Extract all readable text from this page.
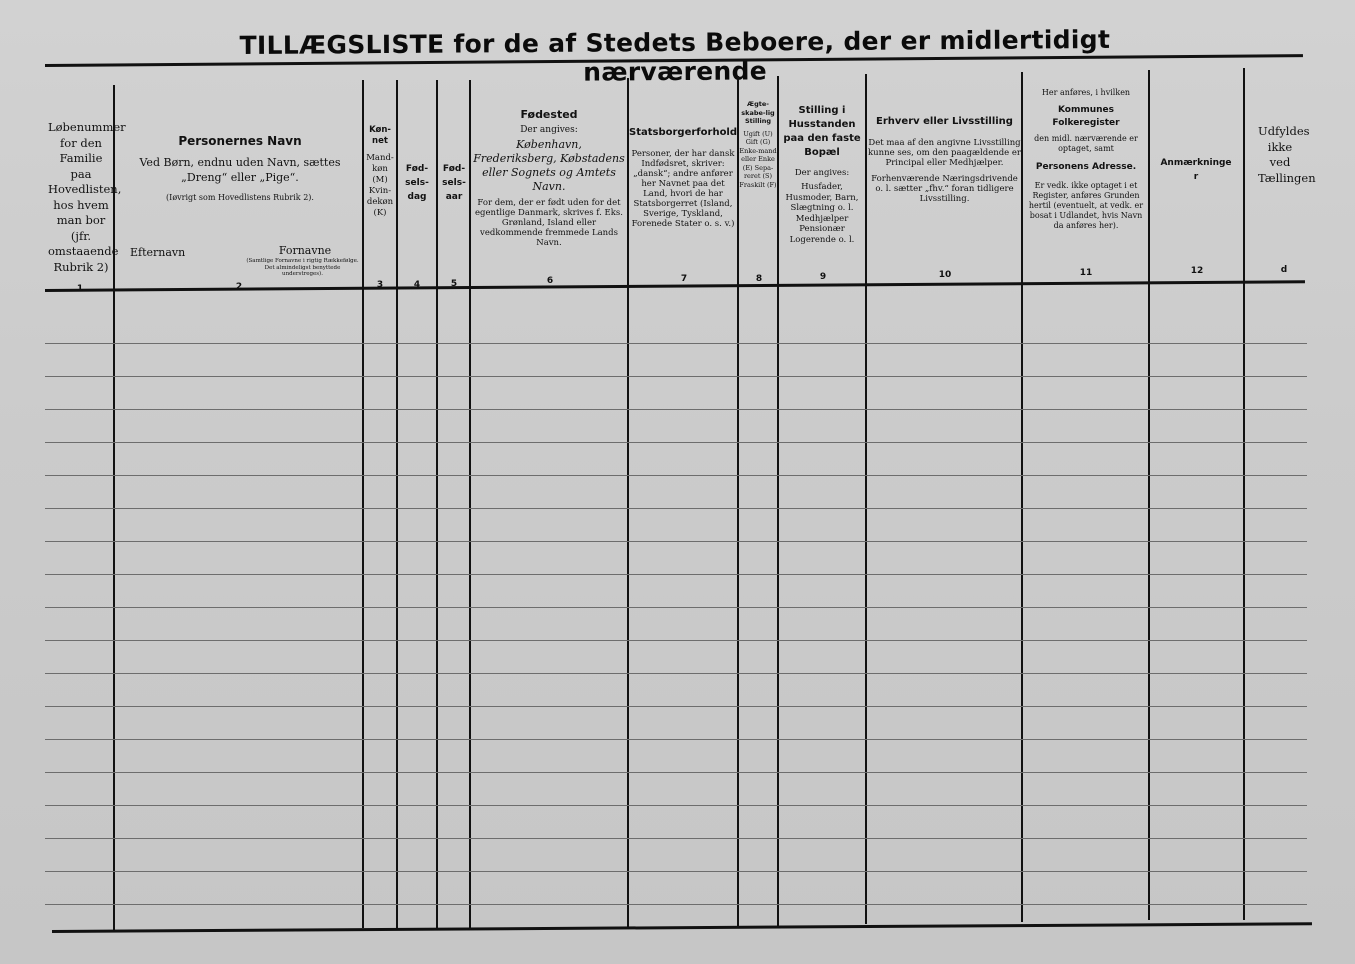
TILLÆGSLISTE for de af Stedets Beboere, der er midlertidigt nærværende
Løbenummer for den Familie paa Hovedlisten, hos hvem man bor (jfr. omstaaende Rubrik 2)
1
Personernes Navn
Ved Børn, endnu uden Navn, sættes „Dreng“ eller „Pige“.
(Iøvrigt som Hovedlistens Rubrik 2).
Efternavn	Fornavne
(Samtlige Fornavne i rigtig Rækkefølge. Det almindeligst benyttede understreges).
2
Køn-net
Mand-køn (M) Kvin-dekøn (K)
3
Fød-sels-dag
4
Fød-sels-aar
5
Fødested
Der angives:
København, Frederiksberg, Købstadens eller Sognets og Amtets Navn.
For dem, der er født uden for det egentlige Danmark, skrives f. Eks. Grønland, Island eller vedkommende fremmede Lands Navn.
6
Statsborgerforhold
Personer, der har dansk Indfødsret, skriver: „dansk“; andre anfører her Navnet paa det Land, hvori de har Statsborgerret (Island, Sverige, Tyskland, Forenede Stater o. s. v.)
7
Ægte-skabe-lig Stilling
Ugift (U) Gift (G) Enke-mand eller Enke (E) Sepa-reret (S) Fraskilt (F)
8
Stilling i Husstanden paa den faste Bopæl
Der angives:
Husfader, Husmoder, Barn, Slægtning o. l. Medhjælper Pensionær Logerende o. l.
9
Erhverv eller Livsstilling
Det maa af den angivne Livsstilling kunne ses, om den paagældende er Principal eller Medhjælper.
Forhenværende Næringsdrivende o. l. sætter „fhv.“ foran tidligere Livsstilling.
10
Her anføres, i hvilken
Kommunes Folkeregister
den midl. nærværende er optaget, samt
Personens Adresse.
Er vedk. ikke optaget i et Register, anføres Grunden hertil (eventuelt, at vedk. er bosat i Udlandet, hvis Navn da anføres her).
11
Anmærkninger
12
Udfyldes ikke ved Tællingen
d
